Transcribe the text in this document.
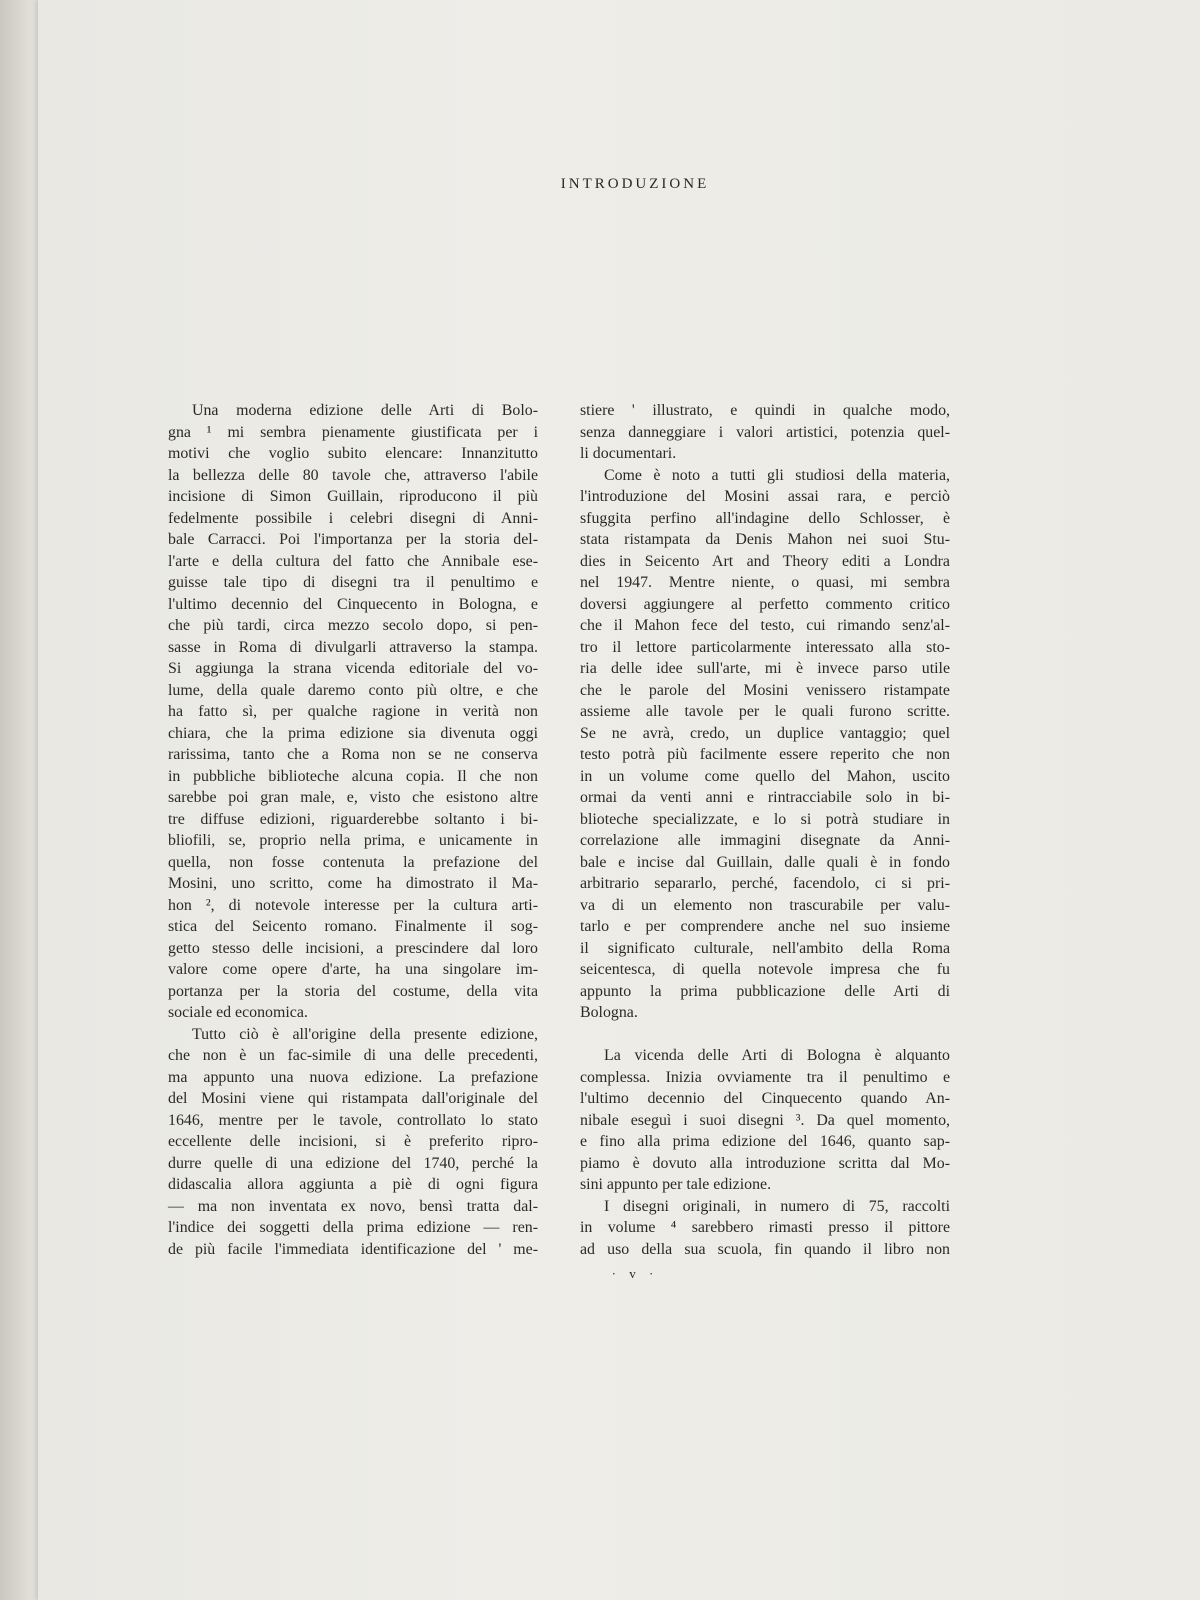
INTRODUZIONE
Una moderna edizione delle Arti di Bolo-
gna ¹ mi sembra pienamente giustificata per i
motivi che voglio subito elencare: Innanzitutto
la bellezza delle 80 tavole che, attraverso l'abile
incisione di Simon Guillain, riproducono il più
fedelmente possibile i celebri disegni di Anni-
bale Carracci. Poi l'importanza per la storia del-
l'arte e della cultura del fatto che Annibale ese-
guisse tale tipo di disegni tra il penultimo e
l'ultimo decennio del Cinquecento in Bologna, e
che più tardi, circa mezzo secolo dopo, si pen-
sasse in Roma di divulgarli attraverso la stampa.
Si aggiunga la strana vicenda editoriale del vo-
lume, della quale daremo conto più oltre, e che
ha fatto sì, per qualche ragione in verità non
chiara, che la prima edizione sia divenuta oggi
rarissima, tanto che a Roma non se ne conserva
in pubbliche biblioteche alcuna copia. Il che non
sarebbe poi gran male, e, visto che esistono altre
tre diffuse edizioni, riguarderebbe soltanto i bi-
bliofili, se, proprio nella prima, e unicamente in
quella, non fosse contenuta la prefazione del
Mosini, uno scritto, come ha dimostrato il Ma-
hon ², di notevole interesse per la cultura arti-
stica del Seicento romano. Finalmente il sog-
getto stesso delle incisioni, a prescindere dal loro
valore come opere d'arte, ha una singolare im-
portanza per la storia del costume, della vita
sociale ed economica.
Tutto ciò è all'origine della presente edizione,
che non è un fac-simile di una delle precedenti,
ma appunto una nuova edizione. La prefazione
del Mosini viene qui ristampata dall'originale del
1646, mentre per le tavole, controllato lo stato
eccellente delle incisioni, si è preferito ripro-
durre quelle di una edizione del 1740, perché la
didascalia allora aggiunta a piè di ogni figura
— ma non inventata ex novo, bensì tratta dal-
l'indice dei soggetti della prima edizione — ren-
de più facile l'immediata identificazione del ' me-
stiere ' illustrato, e quindi in qualche modo,
senza danneggiare i valori artistici, potenzia quel-
li documentari.
Come è noto a tutti gli studiosi della materia,
l'introduzione del Mosini assai rara, e perciò
sfuggita perfino all'indagine dello Schlosser, è
stata ristampata da Denis Mahon nei suoi Stu-
dies in Seicento Art and Theory editi a Londra
nel 1947. Mentre niente, o quasi, mi sembra
doversi aggiungere al perfetto commento critico
che il Mahon fece del testo, cui rimando senz'al-
tro il lettore particolarmente interessato alla sto-
ria delle idee sull'arte, mi è invece parso utile
che le parole del Mosini venissero ristampate
assieme alle tavole per le quali furono scritte.
Se ne avrà, credo, un duplice vantaggio; quel
testo potrà più facilmente essere reperito che non
in un volume come quello del Mahon, uscito
ormai da venti anni e rintracciabile solo in bi-
blioteche specializzate, e lo si potrà studiare in
correlazione alle immagini disegnate da Anni-
bale e incise dal Guillain, dalle quali è in fondo
arbitrario separarlo, perché, facendolo, ci si pri-
va di un elemento non trascurabile per valu-
tarlo e per comprendere anche nel suo insieme
il significato culturale, nell'ambito della Roma
seicentesca, di quella notevole impresa che fu
appunto la prima pubblicazione delle Arti di
Bologna.

La vicenda delle Arti di Bologna è alquanto
complessa. Inizia ovviamente tra il penultimo e
l'ultimo decennio del Cinquecento quando An-
nibale eseguì i suoi disegni ³. Da quel momento,
e fino alla prima edizione del 1646, quanto sap-
piamo è dovuto alla introduzione scritta dal Mo-
sini appunto per tale edizione.
I disegni originali, in numero di 75, raccolti
in volume ⁴ sarebbero rimasti presso il pittore
ad uso della sua scuola, fin quando il libro non
· v ·
